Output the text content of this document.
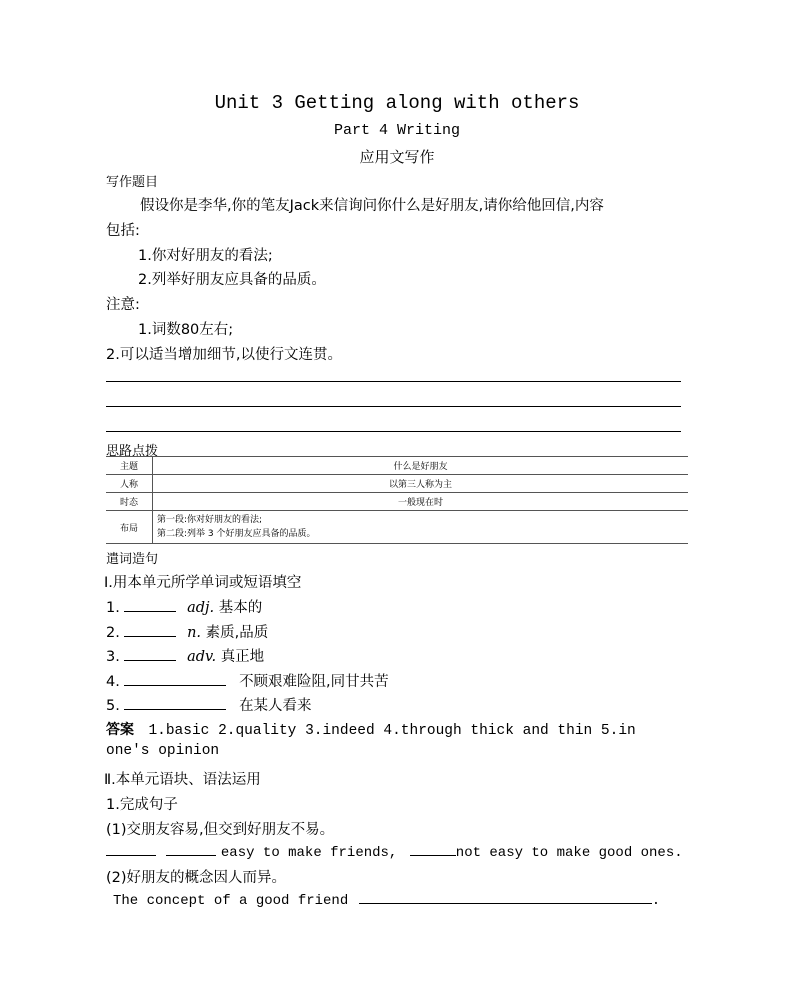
Unit 3 Getting along with others
Part 4 Writing
应用文写作
写作题目
假设你是李华,你的笔友Jack来信询问你什么是好朋友,请你给他回信,内容
包括:
1.你对好朋友的看法;
2.列举好朋友应具备的品质。
注意:
1.词数80左右;
2.可以适当增加细节,以使行文连贯。
思路点拨
主题	什么是好朋友
人称	以第三人称为主
时态	一般现在时
布局	第一段:你对好朋友的看法;
第二段:列举 3 个好朋友应具备的品质。
遣词造句
Ⅰ.用本单元所学单词或短语填空
1.	adj. 基本的
2.	n. 素质,品质
3.	adv. 真正地
4.	不顾艰难险阻,同甘共苦
5.	在某人看来
答案 1.basic 2.quality 3.indeed 4.through thick and thin 5.in
one's opinion
Ⅱ.本单元语块、语法运用
1.完成句子
(1)交朋友容易,但交到好朋友不易。
easy to make friends,	not easy to make good ones.
(2)好朋友的概念因人而异。
The concept of a good friend	.
